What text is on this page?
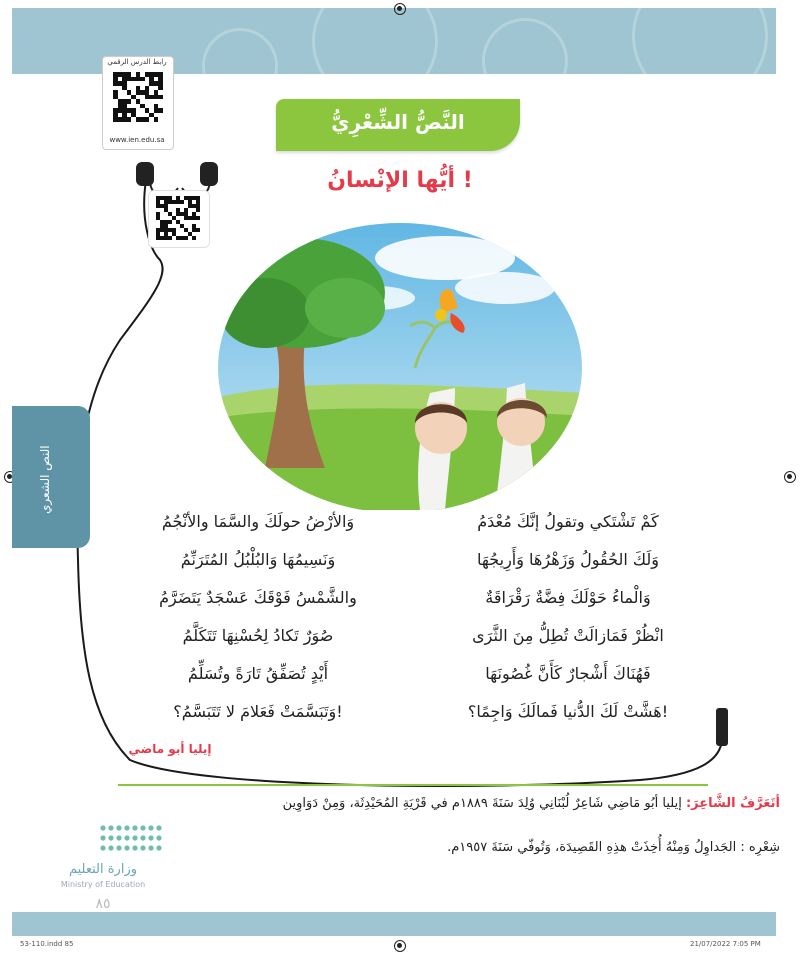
رابط الدرس الرقمي
www.ien.edu.sa
النص الشعري
النَّصُّ الشِّعْرِيُّ
أيُّها الإنْسانُ !
كَمْ تَشْتَكي وتقولُ إنَّكَ مُعْدَمُ
وَلَكَ الحُقُولُ وَزَهْرُهَا وَأَرِيجُهَا
وَالْماءُ حَوْلَكَ فِضَّةٌ رَقْرَاقَةٌ
انْظُرْ فَمَازالَتْ تُطِلُّ مِنَ الثَّرَى
فَهُنَاكَ أَشْجارٌ كَأَنَّ غُصُونَهَا
هَشَّتْ لَكَ الدُّنيا فَمالَكَ وَاجِمًا؟!
وَالأرْضُ حولَكَ والسَّمَا والأنْجُمُ
وَنَسِيمُهَا وَالبُلْبُلُ المُتَرَنِّمُ
والشَّمْسُ فَوْقَكَ عَسْجَدٌ يَتَضَرَّمُ
صُوَرٌ تَكادُ لِحُسْنِهَا تَتَكَلَّمُ
أَيْدٍ تُصَفِّقُ تَارَةً وتُسَلِّمُ
وَتَبَسَّمَتْ فَعَلامَ لا تَتَبَسَّمُ؟!
إيليا أبو ماضي
أتَعَرَّفُ الشَّاعِرَ: إيليا أبُو مَاضِي شَاعِرٌ لُبْنَانِي وُلِدَ سَنَةَ ١٨٨٩م في قَرْيَةِ المُحَيْدِثَة، وَمِنْ دَوَاوِين
شِعْرِه : الجَداوِلُ وَمِنْهُ أُخِذَتْ هذِهِ القَصِيدَة، وَتُوفّي سَنَةَ ١٩٥٧م.
وزارة التعليم
Ministry of Education
٨٥
53-110.indd 85	21/07/2022 7:05 PM
